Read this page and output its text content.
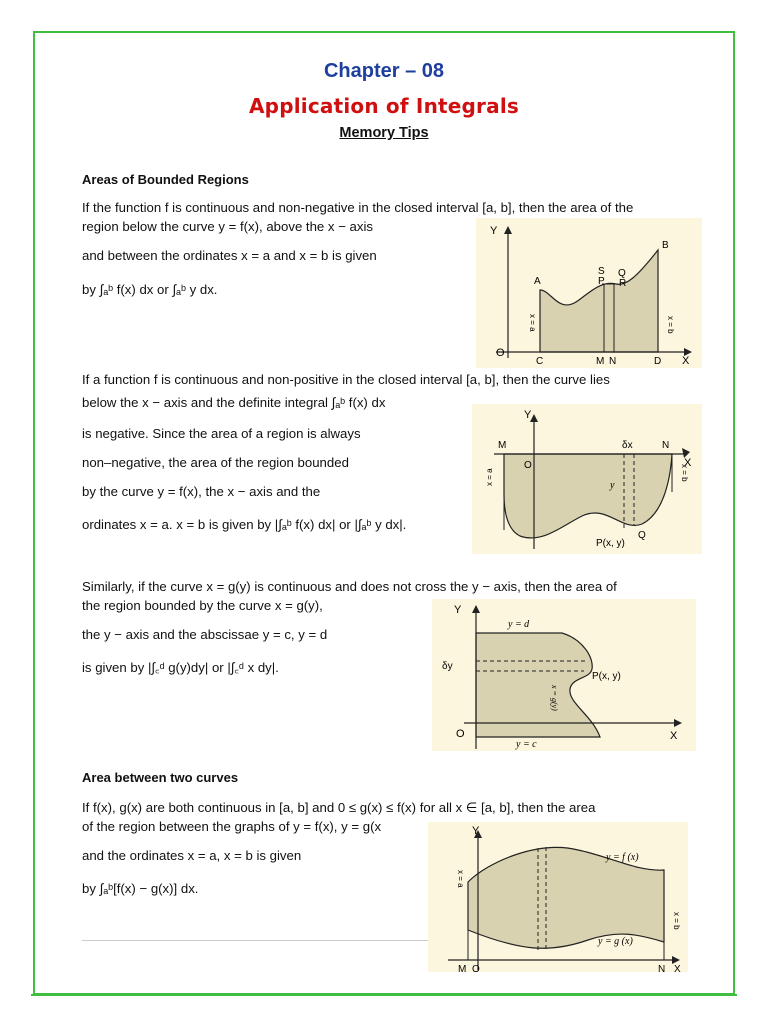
Chapter – 08
Application of Integrals
Memory Tips
Areas of Bounded Regions
If the function f is continuous and non-negative in the closed interval [a, b], then the area of the
region below the curve y = f(x), above the x − axis
and between the ordinates x = a and x = b is given
by ∫ₐᵇ f(x) dx or ∫ₐᵇ y dx.
Y
X
O
A
B
S
P
Q
R
C	M N	D
x = a	x = b
If a function f is continuous and non-positive in the closed interval [a, b], then the curve lies
below the x − axis and the definite integral ∫ₐᵇ f(x) dx
is negative. Since the area of a region is always
non–negative, the area of the region bounded
by the curve y = f(x), the x − axis and the
ordinates x = a. x = b is given by |∫ₐᵇ f(x) dx| or |∫ₐᵇ y dx|.
Y
X
O
M	N
δx
y
P(x, y)
Q
x = a	x = b
Similarly, if the curve x = g(y) is continuous and does not cross the y − axis, then the area of
the region bounded by the curve x = g(y),
the y − axis and the abscissae y = c, y = d
is given by |∫꜀ᵈ g(y)dy| or |∫꜀ᵈ x dy|.
Y
X
O
y = d
y = c
δy
P(x, y)
x = g(y)
Area between two curves
If f(x), g(x) are both continuous in [a, b] and 0 ≤ g(x) ≤ f(x) for all x ∈ [a, b], then the area
of the region between the graphs of y = f(x), y = g(x
and the ordinates x = a, x = b is given
by ∫ₐᵇ[f(x) − g(x)] dx.
Y
X
M O	N
y = f (x)
y = g (x)
x = a
x = b
